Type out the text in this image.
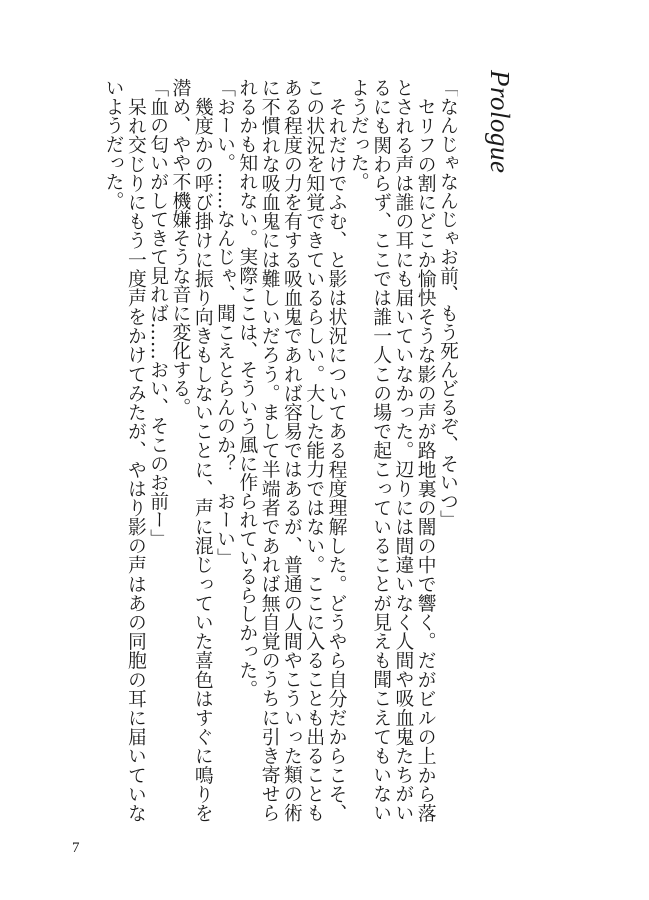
Prologue

「なんじゃなんじゃお前、もう死んどるぞ、そいつ」

セリフの割にどこか愉快そうな影の声が路地裏の闇の中で響く。だがビルの上から落とされる声は誰の耳にも届いていなかった。辺りには間違いなく人間や吸血鬼たちがいるにも関わらず、ここでは誰一人この場で起こっていることが見えも聞こえてもいないようだった。

それだけでふむ、と影は状況についてある程度理解した。どうやら自分だからこそ、この状況を知覚できているらしい。大した能力ではない。ここに入ることも出ることもある程度の力を有する吸血鬼であれば容易ではあるが、普通の人間やこういった類の術に不慣れな吸血鬼には難しいだろう。まして半端者であれば無自覚のうちに引き寄せられるかも知れない。実際ここは、そういう風に作られているらしかった。

「おーい。……なんじゃ、聞こえとらんのか？　おーい」

幾度かの呼び掛けに振り向きもしないことに、声に混じっていた喜色はすぐに鳴りを潜め、やや不機嫌そうな音に変化する。

「血の匂いがしてきて見れば……おい、そこのお前ー」

呆れ交じりにもう一度声をかけてみたが、やはり影の声はあの同胞の耳に届いていないようだった。

7
